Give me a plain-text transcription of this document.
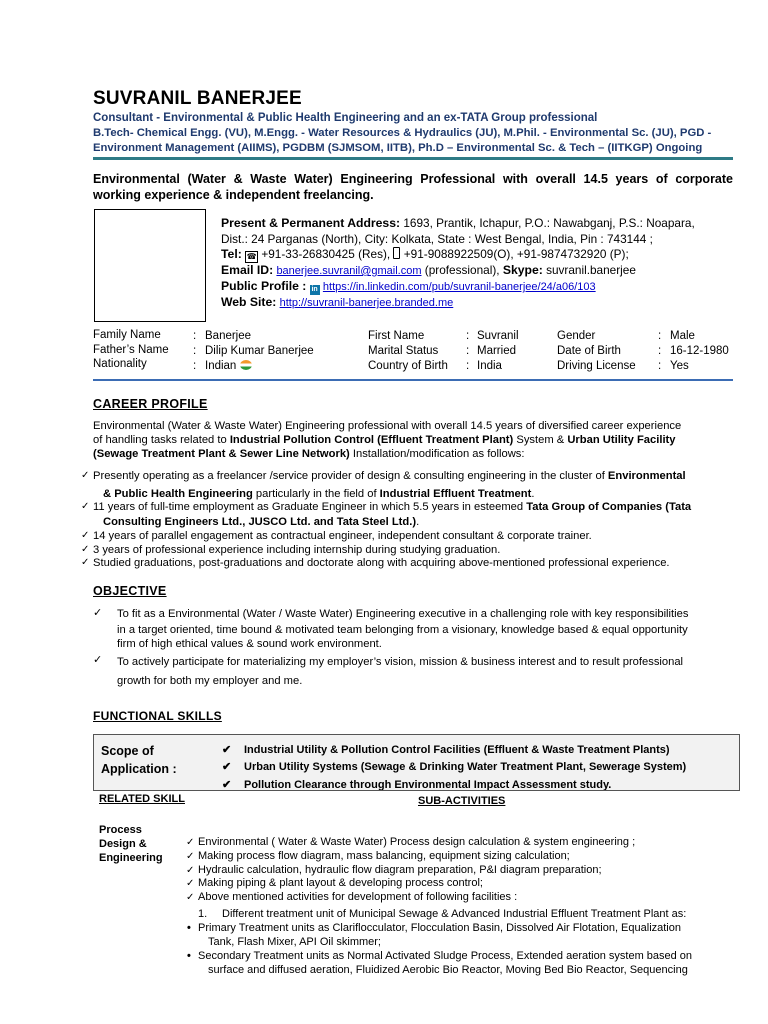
SUVRANIL BANERJEE
Consultant - Environmental & Public Health Engineering and an ex-TATA Group professional
B.Tech- Chemical Engg. (VU), M.Engg. - Water Resources & Hydraulics (JU), M.Phil. - Environmental Sc. (JU), PGD -
Environment Management (AIIMS), PGDBM (SJMSOM, IITB), Ph.D – Environmental Sc. & Tech – (IITKGP) Ongoing
Environmental (Water & Waste Water) Engineering Professional with overall 14.5 years of corporate working experience & independent freelancing.
Present & Permanent Address: 1693, Prantik, Ichapur, P.O.: Nawabganj, P.S.: Noapara,
Dist.: 24 Parganas (North), City: Kolkata, State : West Bengal, India, Pin : 743144 ;
Tel: ☎ +91-33-26830425 (Res), +91-9088922509(O), +91-9874732920 (P);
Email ID: banerjee.suvranil@gmail.com (professional), Skype: suvranil.banerjee
Public Profile : in https://in.linkedin.com/pub/suvranil-banerjee/24/a06/103
Web Site: http://suvranil-banerjee.branded.me
Family Name
Father’s Name
Nationality
:
:
:
Banerjee
Dilip Kumar Banerjee
Indian
First Name
Marital Status
Country of Birth
:
:
:
Suvranil
Married
India
Gender
Date of Birth
Driving License
:
:
:
Male
16-12-1980
Yes
CAREER PROFILE
Environmental (Water & Waste Water) Engineering professional with overall 14.5 years of diversified career experience
of handling tasks related to Industrial Pollution Control (Effluent Treatment Plant) System & Urban Utility Facility
(Sewage Treatment Plant & Sewer Line Network) Installation/modification as follows:
✓ Presently operating as a freelancer /service provider of design & consulting engineering in the cluster of Environmental
& Public Health Engineering particularly in the field of Industrial Effluent Treatment.
✓ 11 years of full-time employment as Graduate Engineer in which 5.5 years in esteemed Tata Group of Companies (Tata
Consulting Engineers Ltd., JUSCO Ltd. and Tata Steel Ltd.).
✓ 14 years of parallel engagement as contractual engineer, independent consultant & corporate trainer.
✓ 3 years of professional experience including internship during studying graduation.
✓ Studied graduations, post-graduations and doctorate along with acquiring above-mentioned professional experience.
OBJECTIVE
✓ To fit as a Environmental (Water / Waste Water) Engineering executive in a challenging role with key responsibilities
in a target oriented, time bound & motivated team belonging from a visionary, knowledge based & equal opportunity
firm of high ethical values & sound work environment.
✓ To actively participate for materializing my employer’s vision, mission & business interest and to result professional
growth for both my employer and me.
FUNCTIONAL SKILLS
Scope of
Application :
✔ Industrial Utility & Pollution Control Facilities (Effluent & Waste Treatment Plants)
✔ Urban Utility Systems (Sewage & Drinking Water Treatment Plant, Sewerage System)
✔ Pollution Clearance through Environmental Impact Assessment study.
RELATED SKILL	SUB-ACTIVITIES
Process
Design &
Engineering
✓ Environmental ( Water & Waste Water) Process design calculation & system engineering ;
✓ Making process flow diagram, mass balancing, equipment sizing calculation;
✓ Hydraulic calculation, hydraulic flow diagram preparation, P&I diagram preparation;
✓ Making piping & plant layout & developing process control;
✓ Above mentioned activities for development of following facilities :
1. Different treatment unit of Municipal Sewage & Advanced Industrial Effluent Treatment Plant as:
• Primary Treatment units as Clariflocculator, Flocculation Basin, Dissolved Air Flotation, Equalization
Tank, Flash Mixer, API Oil skimmer;
• Secondary Treatment units as Normal Activated Sludge Process, Extended aeration system based on
surface and diffused aeration, Fluidized Aerobic Bio Reactor, Moving Bed Bio Reactor, Sequencing
